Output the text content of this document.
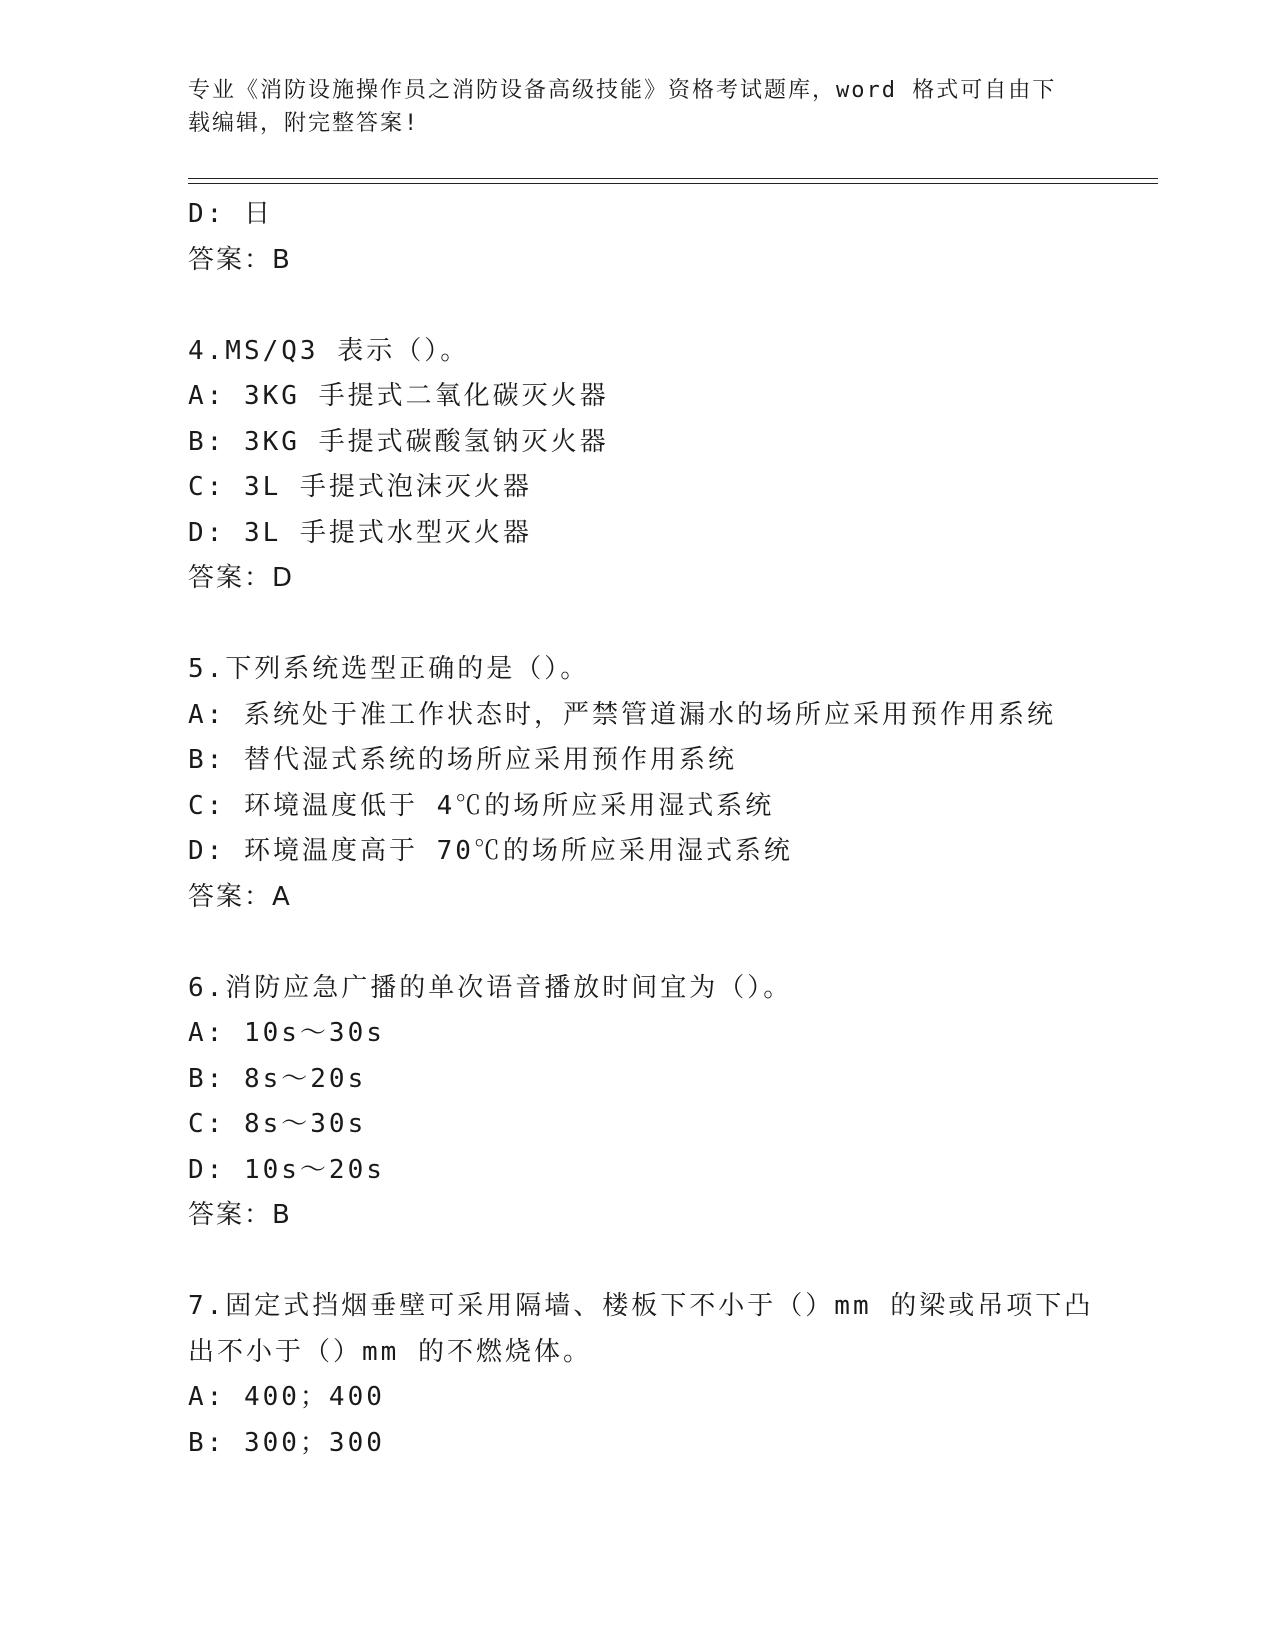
专业《消防设施操作员之消防设备高级技能》资格考试题库，word 格式可自由下
载编辑，附完整答案!
D: 日
答案：B
4.MS/Q3 表示（）。
A: 3KG 手提式二氧化碳灭火器
B: 3KG 手提式碳酸氢钠灭火器
C: 3L 手提式泡沫灭火器
D: 3L 手提式水型灭火器
答案：D
5.下列系统选型正确的是（）。
A: 系统处于准工作状态时，严禁管道漏水的场所应采用预作用系统
B: 替代湿式系统的场所应采用预作用系统
C: 环境温度低于 4℃的场所应采用湿式系统
D: 环境温度高于 70℃的场所应采用湿式系统
答案：A
6.消防应急广播的单次语音播放时间宜为（）。
A: 10s～30s
B: 8s～20s
C: 8s～30s
D: 10s～20s
答案：B
7.固定式挡烟垂壁可采用隔墙、楼板下不小于（）mm 的梁或吊项下凸
出不小于（）mm 的不燃烧体。
A: 400；400
B: 300；300
